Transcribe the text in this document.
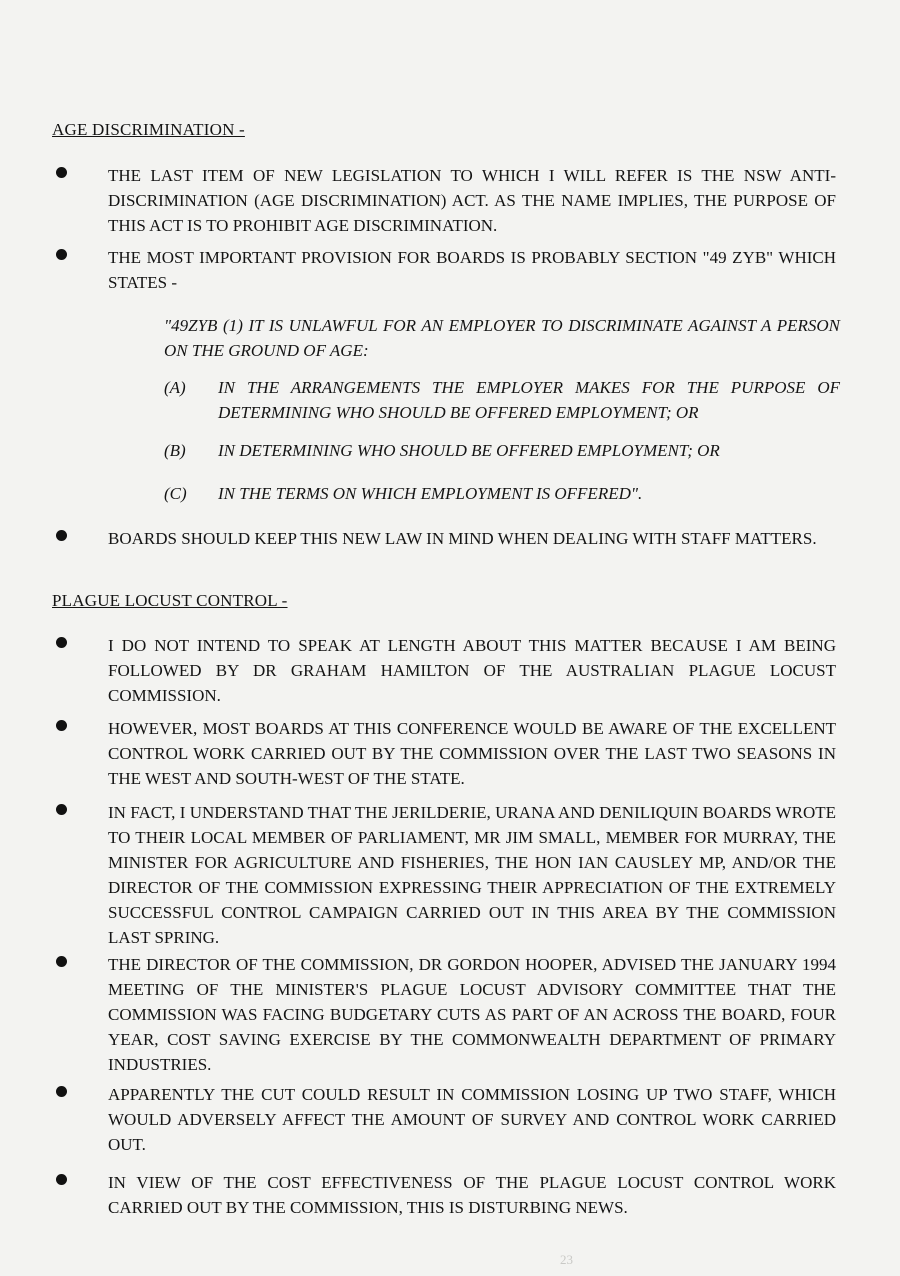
AGE DISCRIMINATION -
THE LAST ITEM OF NEW LEGISLATION TO WHICH I WILL REFER IS THE NSW ANTI-DISCRIMINATION (AGE DISCRIMINATION) ACT. AS THE NAME IMPLIES, THE PURPOSE OF THIS ACT IS TO PROHIBIT AGE DISCRIMINATION.
THE MOST IMPORTANT PROVISION FOR BOARDS IS PROBABLY SECTION "49 ZYB" WHICH STATES -
"49ZYB (1) IT IS UNLAWFUL FOR AN EMPLOYER TO DISCRIMINATE AGAINST A PERSON ON THE GROUND OF AGE:
(A) IN THE ARRANGEMENTS THE EMPLOYER MAKES FOR THE PURPOSE OF DETERMINING WHO SHOULD BE OFFERED EMPLOYMENT; OR
(B) IN DETERMINING WHO SHOULD BE OFFERED EMPLOYMENT; OR
(C) IN THE TERMS ON WHICH EMPLOYMENT IS OFFERED".
BOARDS SHOULD KEEP THIS NEW LAW IN MIND WHEN DEALING WITH STAFF MATTERS.
PLAGUE LOCUST CONTROL -
I DO NOT INTEND TO SPEAK AT LENGTH ABOUT THIS MATTER BECAUSE I AM BEING FOLLOWED BY DR GRAHAM HAMILTON OF THE AUSTRALIAN PLAGUE LOCUST COMMISSION.
HOWEVER, MOST BOARDS AT THIS CONFERENCE WOULD BE AWARE OF THE EXCELLENT CONTROL WORK CARRIED OUT BY THE COMMISSION OVER THE LAST TWO SEASONS IN THE WEST AND SOUTH-WEST OF THE STATE.
IN FACT, I UNDERSTAND THAT THE JERILDERIE, URANA AND DENILIQUIN BOARDS WROTE TO THEIR LOCAL MEMBER OF PARLIAMENT, MR JIM SMALL, MEMBER FOR MURRAY, THE MINISTER FOR AGRICULTURE AND FISHERIES, THE HON IAN CAUSLEY MP, AND/OR THE DIRECTOR OF THE COMMISSION EXPRESSING THEIR APPRECIATION OF THE EXTREMELY SUCCESSFUL CONTROL CAMPAIGN CARRIED OUT IN THIS AREA BY THE COMMISSION LAST SPRING.
THE DIRECTOR OF THE COMMISSION, DR GORDON HOOPER, ADVISED THE JANUARY 1994 MEETING OF THE MINISTER'S PLAGUE LOCUST ADVISORY COMMITTEE THAT THE COMMISSION WAS FACING BUDGETARY CUTS AS PART OF AN ACROSS THE BOARD, FOUR YEAR, COST SAVING EXERCISE BY THE COMMONWEALTH DEPARTMENT OF PRIMARY INDUSTRIES.
APPARENTLY THE CUT COULD RESULT IN COMMISSION LOSING UP TWO STAFF, WHICH WOULD ADVERSELY AFFECT THE AMOUNT OF SURVEY AND CONTROL WORK CARRIED OUT.
IN VIEW OF THE COST EFFECTIVENESS OF THE PLAGUE LOCUST CONTROL WORK CARRIED OUT BY THE COMMISSION, THIS IS DISTURBING NEWS.
23
